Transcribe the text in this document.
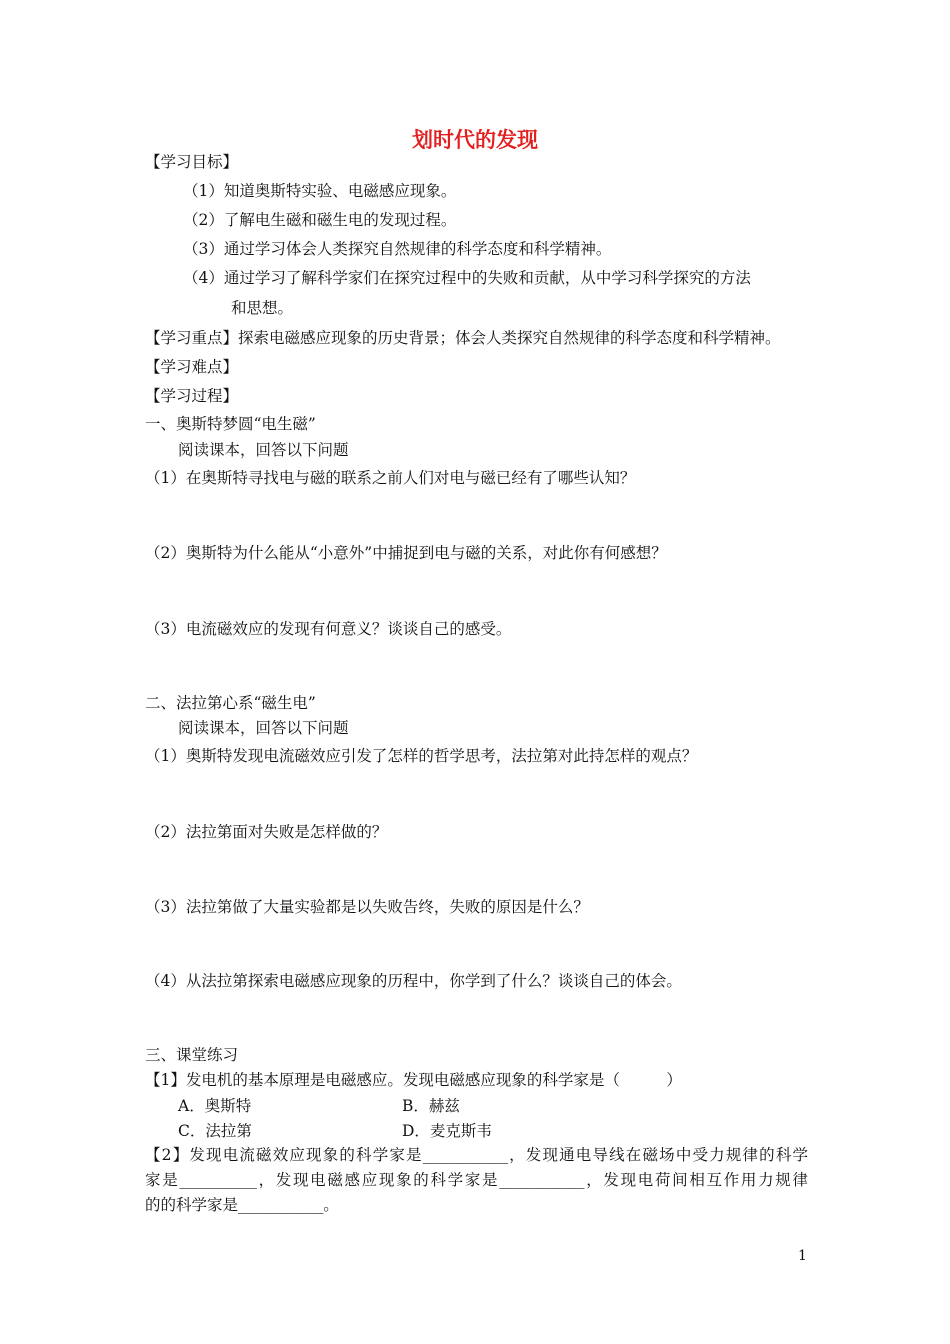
划时代的发现
【学习目标】
（1）知道奥斯特实验、电磁感应现象。
（2）了解电生磁和磁生电的发现过程。
（3）通过学习体会人类探究自然规律的科学态度和科学精神。
（4）通过学习了解科学家们在探究过程中的失败和贡献，从中学习科学探究的方法
和思想。
【学习重点】探索电磁感应现象的历史背景；体会人类探究自然规律的科学态度和科学精神。
【学习难点】
【学习过程】
一、奥斯特梦圆“电生磁”
阅读课本，回答以下问题
（1）在奥斯特寻找电与磁的联系之前人们对电与磁已经有了哪些认知？
（2）奥斯特为什么能从“小意外”中捕捉到电与磁的关系，对此你有何感想？
（3）电流磁效应的发现有何意义？谈谈自己的感受。
二、法拉第心系“磁生电”
阅读课本，回答以下问题
（1）奥斯特发现电流磁效应引发了怎样的哲学思考，法拉第对此持怎样的观点？
（2）法拉第面对失败是怎样做的？
（3）法拉第做了大量实验都是以失败告终，失败的原因是什么？
（4）从法拉第探索电磁感应现象的历程中，你学到了什么？谈谈自己的体会。
三、课堂练习
【1】发电机的基本原理是电磁感应。发现电磁感应现象的科学家是（　　　）
A．奥斯特	B．赫兹
C．法拉第	D．麦克斯韦
【2】发现电流磁效应现象的科学家是___________，发现通电导线在磁场中受力规律的科学
家是__________，发现电磁感应现象的科学家是___________，发现电荷间相互作用力规律
的的科学家是___________。
1
